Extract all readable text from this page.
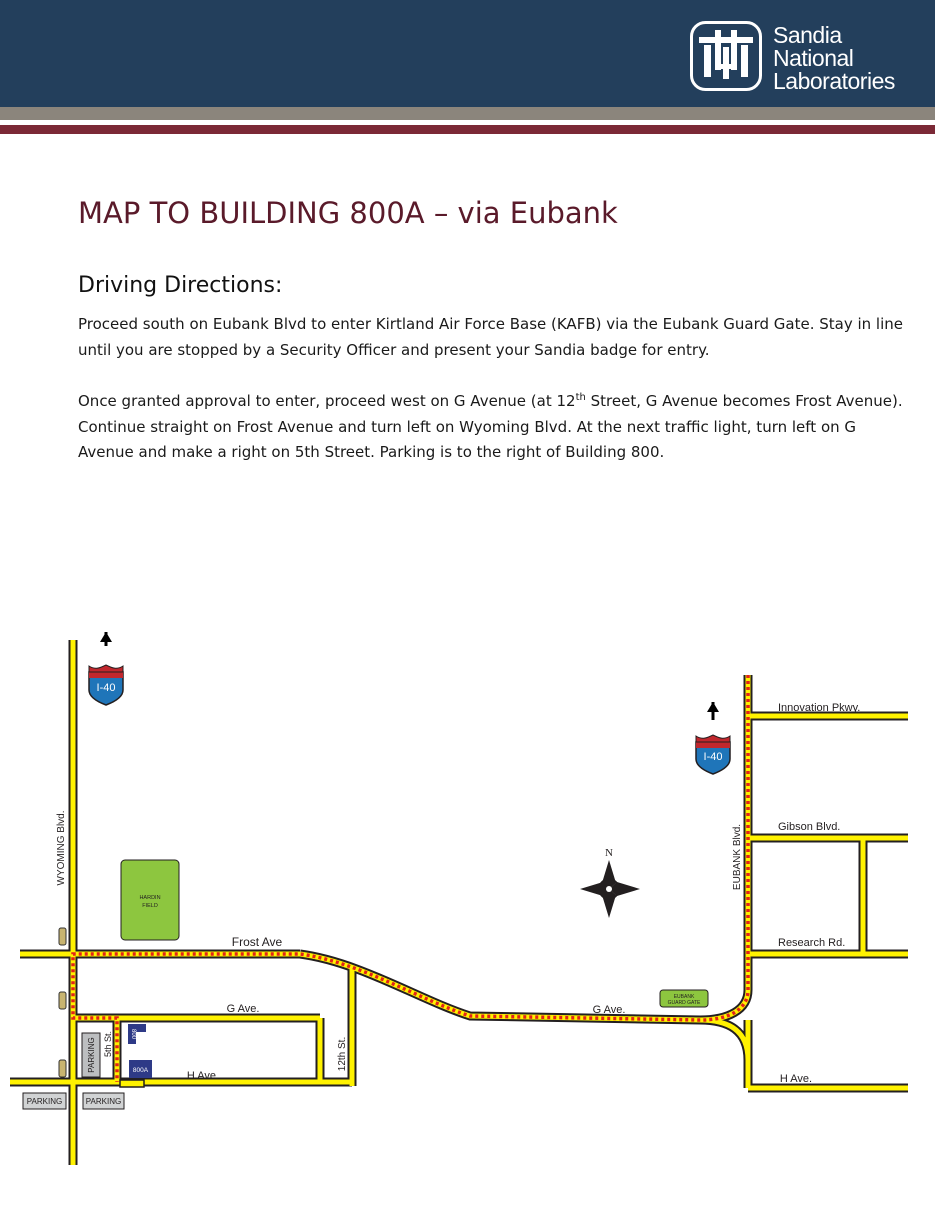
Sandia
National
Laboratories
MAP TO BUILDING 800A – via Eubank
Driving Directions:

Proceed south on Eubank Blvd to enter Kirtland Air Force Base (KAFB) via the Eubank Guard Gate. Stay in line until you are stopped by a Security Officer and present your Sandia badge for entry.

Once granted approval to enter, proceed west on G Avenue (at 12th Street, G Avenue becomes Frost Avenue). Continue straight on Frost Avenue and turn left on Wyoming Blvd. At the next traffic light, turn left on G Avenue and make a right on 5th Street. Parking is to the right of Building 800.

I-40
I-40
N
HARDIN
FIELD
EUBANK
GUARD GATE
PARKING
PARKING	PARKING
800
800A
WYOMING Blvd.	EUBANK Blvd.
Frost Ave
G Ave.	G Ave.
H Ave.	H Ave.
12th St.
5th St.
Innovation Pkwy.
Gibson Blvd.
Research Rd.
